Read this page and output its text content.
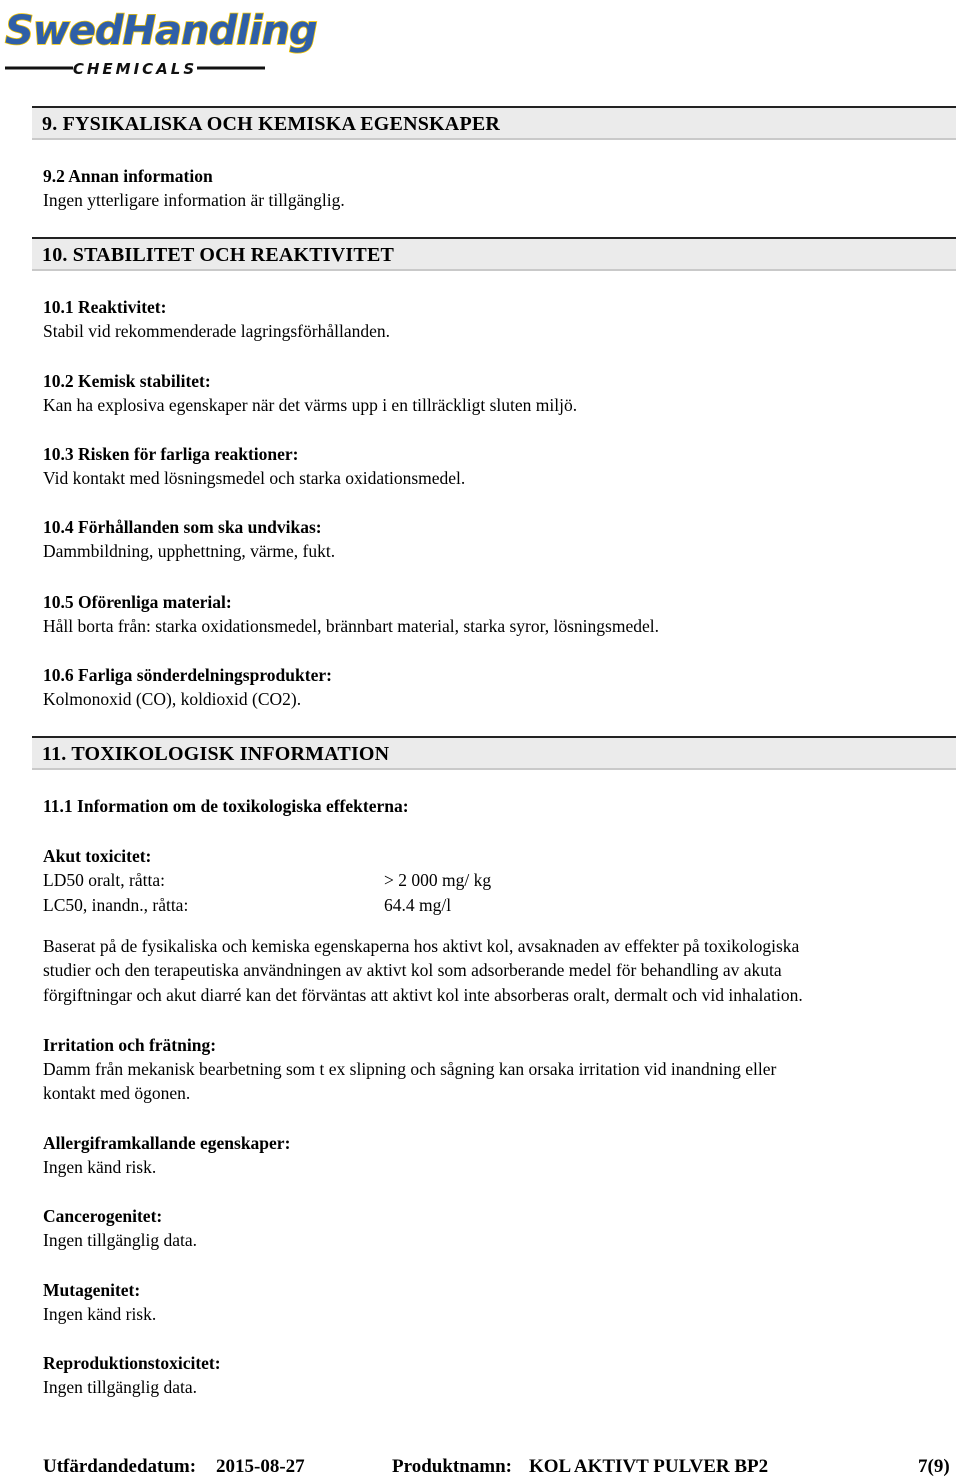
SwedHandling
CHEMICALS
9. FYSIKALISKA OCH KEMISKA EGENSKAPER
9.2 Annan information
Ingen ytterligare information är tillgänglig.
10. STABILITET OCH REAKTIVITET
10.1 Reaktivitet:
Stabil vid rekommenderade lagringsförhållanden.
10.2 Kemisk stabilitet:
Kan ha explosiva egenskaper när det värms upp i en tillräckligt sluten miljö.
10.3 Risken för farliga reaktioner:
Vid kontakt med lösningsmedel och starka oxidationsmedel.
10.4 Förhållanden som ska undvikas:
Dammbildning, upphettning, värme, fukt.
10.5 Oförenliga material:
Håll borta från: starka oxidationsmedel, brännbart material, starka syror, lösningsmedel.
10.6 Farliga sönderdelningsprodukter:
Kolmonoxid (CO), koldioxid (CO2).
11. TOXIKOLOGISK INFORMATION
11.1 Information om de toxikologiska effekterna:
Akut toxicitet:
LD50 oralt, råtta:	> 2 000 mg/ kg
LC50, inandn., råtta:	64.4 mg/l
Baserat på de fysikaliska och kemiska egenskaperna hos aktivt kol, avsaknaden av effekter på toxikologiska
studier och den terapeutiska användningen av aktivt kol som adsorberande medel för behandling av akuta
förgiftningar och akut diarré kan det förväntas att aktivt kol inte absorberas oralt, dermalt och vid inhalation.
Irritation och frätning:
Damm från mekanisk bearbetning som t ex slipning och sågning kan orsaka irritation vid inandning eller
kontakt med ögonen.
Allergiframkallande egenskaper:
Ingen känd risk.
Cancerogenitet:
Ingen tillgänglig data.
Mutagenitet:
Ingen känd risk.
Reproduktionstoxicitet:
Ingen tillgänglig data.
Utfärdandedatum: 2015-08-27	Produktnamn: KOL AKTIVT PULVER BP2	7(9)
